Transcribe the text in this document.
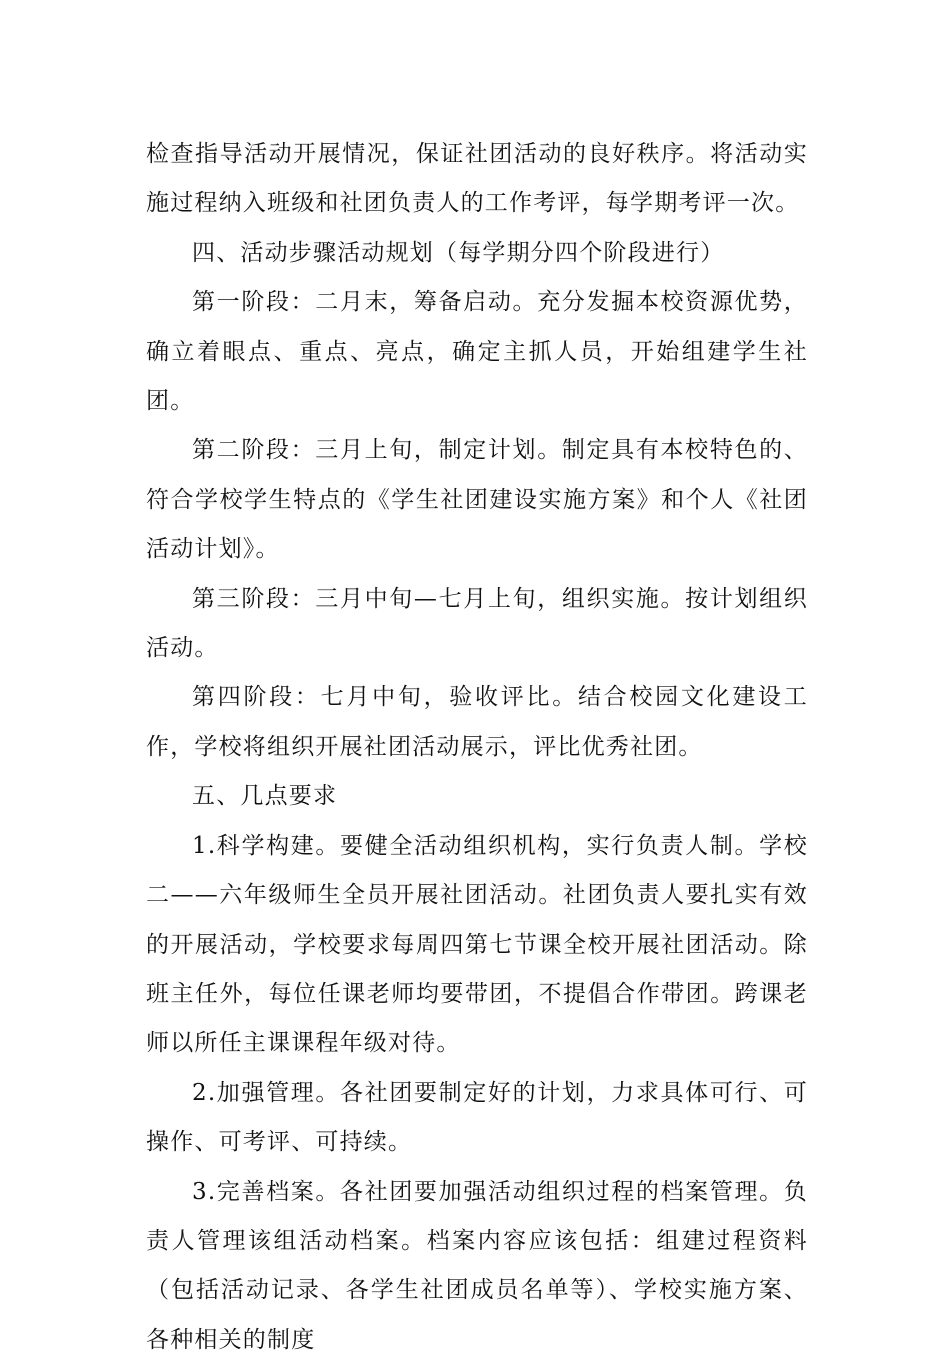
检查指导活动开展情况，保证社团活动的良好秩序。将活动实施过程纳入班级和社团负责人的工作考评，每学期考评一次。

四、活动步骤活动规划（每学期分四个阶段进行）

第一阶段：二月末，筹备启动。充分发掘本校资源优势，确立着眼点、重点、亮点，确定主抓人员，开始组建学生社团。

第二阶段：三月上旬，制定计划。制定具有本校特色的、符合学校学生特点的《学生社团建设实施方案》和个人《社团活动计划》。

第三阶段：三月中旬—七月上旬，组织实施。按计划组织活动。

第四阶段：七月中旬，验收评比。结合校园文化建设工作，学校将组织开展社团活动展示，评比优秀社团。

五、几点要求

1.科学构建。要健全活动组织机构，实行负责人制。学校二——六年级师生全员开展社团活动。社团负责人要扎实有效的开展活动，学校要求每周四第七节课全校开展社团活动。除班主任外，每位任课老师均要带团，不提倡合作带团。跨课老师以所任主课课程年级对待。

2.加强管理。各社团要制定好的计划，力求具体可行、可操作、可考评、可持续。

3.完善档案。各社团要加强活动组织过程的档案管理。负责人管理该组活动档案。档案内容应该包括：组建过程资料（包括活动记录、各学生社团成员名单等）、学校实施方案、各种相关的制度
